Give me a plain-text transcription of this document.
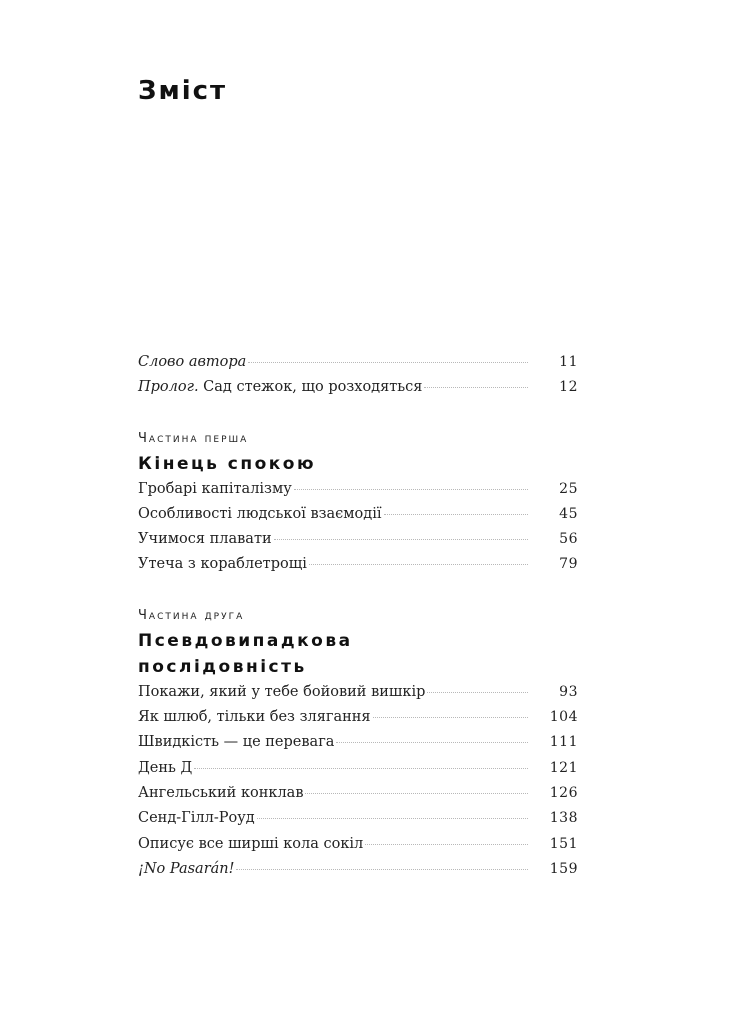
Зміст
Слово автора	11
Пролог. Сад стежок, що розходяться	12
Частина перша
Кінець спокою
Гробарі капіталізму	25
Особливості людської взаємодії	45
Учимося плавати	56
Утеча з кораблетрощі	79
Частина друга
Псевдовипадкова
послідовність
Покажи, який у тебе бойовий вишкір	93
Як шлюб, тільки без злягання	104
Швидкість — це перевага	111
День Д	121
Ангельський конклав	126
Сенд-Гілл-Роуд	138
Описує все ширші кола сокіл	151
¡No Pasarán!	159
